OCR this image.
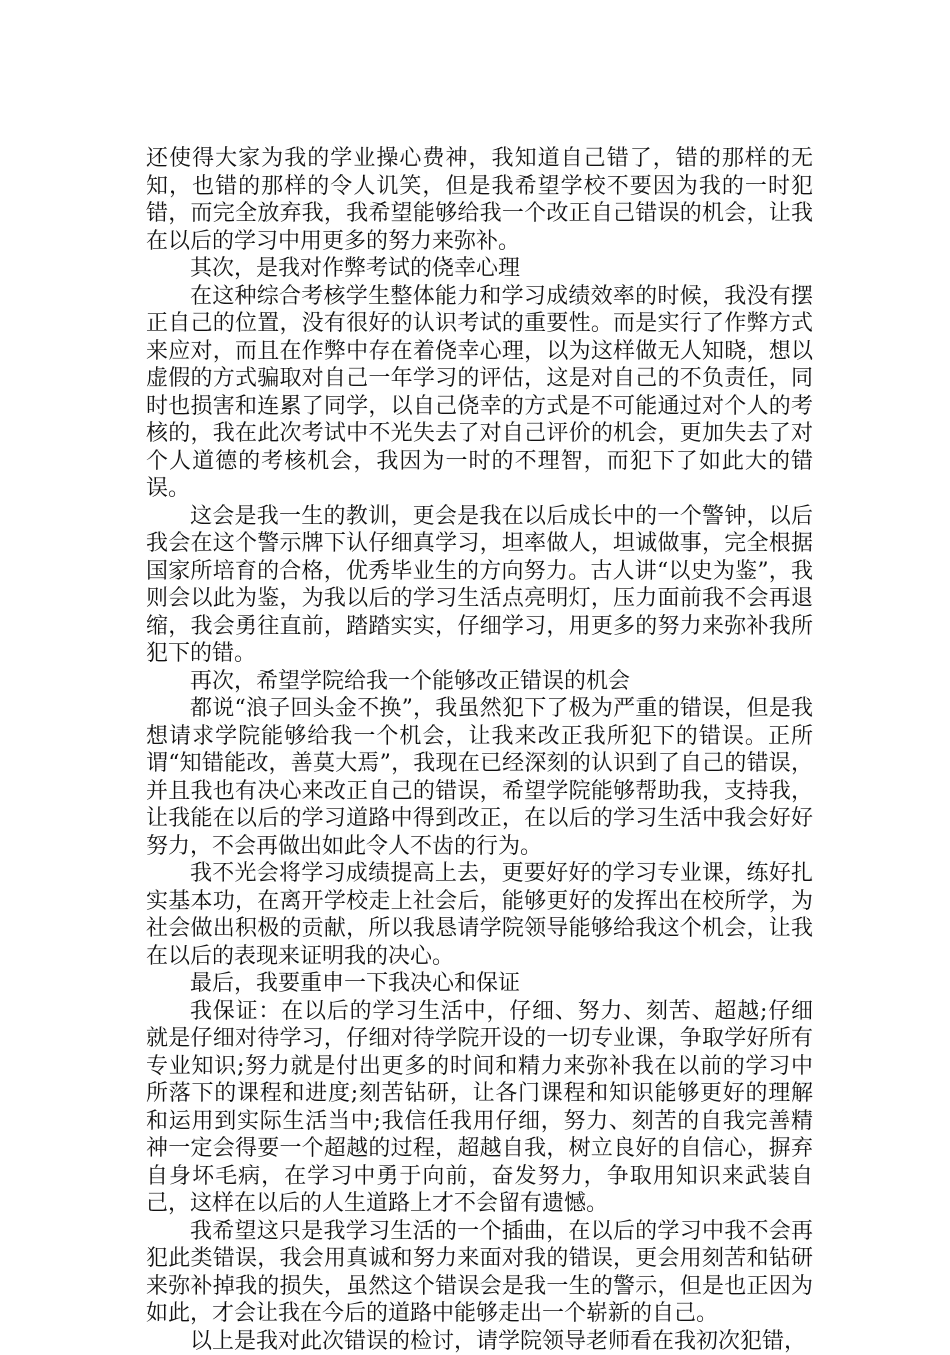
还使得大家为我的学业操心费神，我知道自己错了，错的那样的无知，也错的那样的令人讥笑，但是我希望学校不要因为我的一时犯错，而完全放弃我，我希望能够给我一个改正自己错误的机会，让我在以后的学习中用更多的努力来弥补。

其次，是我对作弊考试的侥幸心理

在这种综合考核学生整体能力和学习成绩效率的时候，我没有摆正自己的位置，没有很好的认识考试的重要性。而是实行了作弊方式来应对，而且在作弊中存在着侥幸心理，以为这样做无人知晓，想以虚假的方式骗取对自己一年学习的评估，这是对自己的不负责任，同时也损害和连累了同学，以自己侥幸的方式是不可能通过对个人的考核的，我在此次考试中不光失去了对自己评价的机会，更加失去了对个人道德的考核机会，我因为一时的不理智，而犯下了如此大的错误。

这会是我一生的教训，更会是我在以后成长中的一个警钟，以后我会在这个警示牌下认仔细真学习，坦率做人，坦诚做事，完全根据国家所培育的合格，优秀毕业生的方向努力。古人讲“以史为鉴”，我则会以此为鉴，为我以后的学习生活点亮明灯，压力面前我不会再退缩，我会勇往直前，踏踏实实，仔细学习，用更多的努力来弥补我所犯下的错。

再次，希望学院给我一个能够改正错误的机会

都说“浪子回头金不换”，我虽然犯下了极为严重的错误，但是我想请求学院能够给我一个机会，让我来改正我所犯下的错误。正所谓“知错能改，善莫大焉”，我现在已经深刻的认识到了自己的错误，并且我也有决心来改正自己的错误，希望学院能够帮助我，支持我，让我能在以后的学习道路中得到改正，在以后的学习生活中我会好好努力，不会再做出如此令人不齿的行为。

我不光会将学习成绩提高上去，更要好好的学习专业课，练好扎实基本功，在离开学校走上社会后，能够更好的发挥出在校所学，为社会做出积极的贡献，所以我恳请学院领导能够给我这个机会，让我在以后的表现来证明我的决心。

最后，我要重申一下我决心和保证

我保证：在以后的学习生活中，仔细、努力、刻苦、超越;仔细就是仔细对待学习，仔细对待学院开设的一切专业课，争取学好所有专业知识;努力就是付出更多的时间和精力来弥补我在以前的学习中所落下的课程和进度;刻苦钻研，让各门课程和知识能够更好的理解和运用到实际生活当中;我信任我用仔细，努力、刻苦的自我完善精神一定会得要一个超越的过程，超越自我，树立良好的自信心，摒弃自身坏毛病，在学习中勇于向前，奋发努力，争取用知识来武装自己，这样在以后的人生道路上才不会留有遗憾。

我希望这只是我学习生活的一个插曲，在以后的学习中我不会再犯此类错误，我会用真诚和努力来面对我的错误，更会用刻苦和钻研来弥补掉我的损失，虽然这个错误会是我一生的警示，但是也正因为如此，才会让我在今后的道路中能够走出一个崭新的自己。

以上是我对此次错误的检讨，请学院领导老师看在我初次犯错，
